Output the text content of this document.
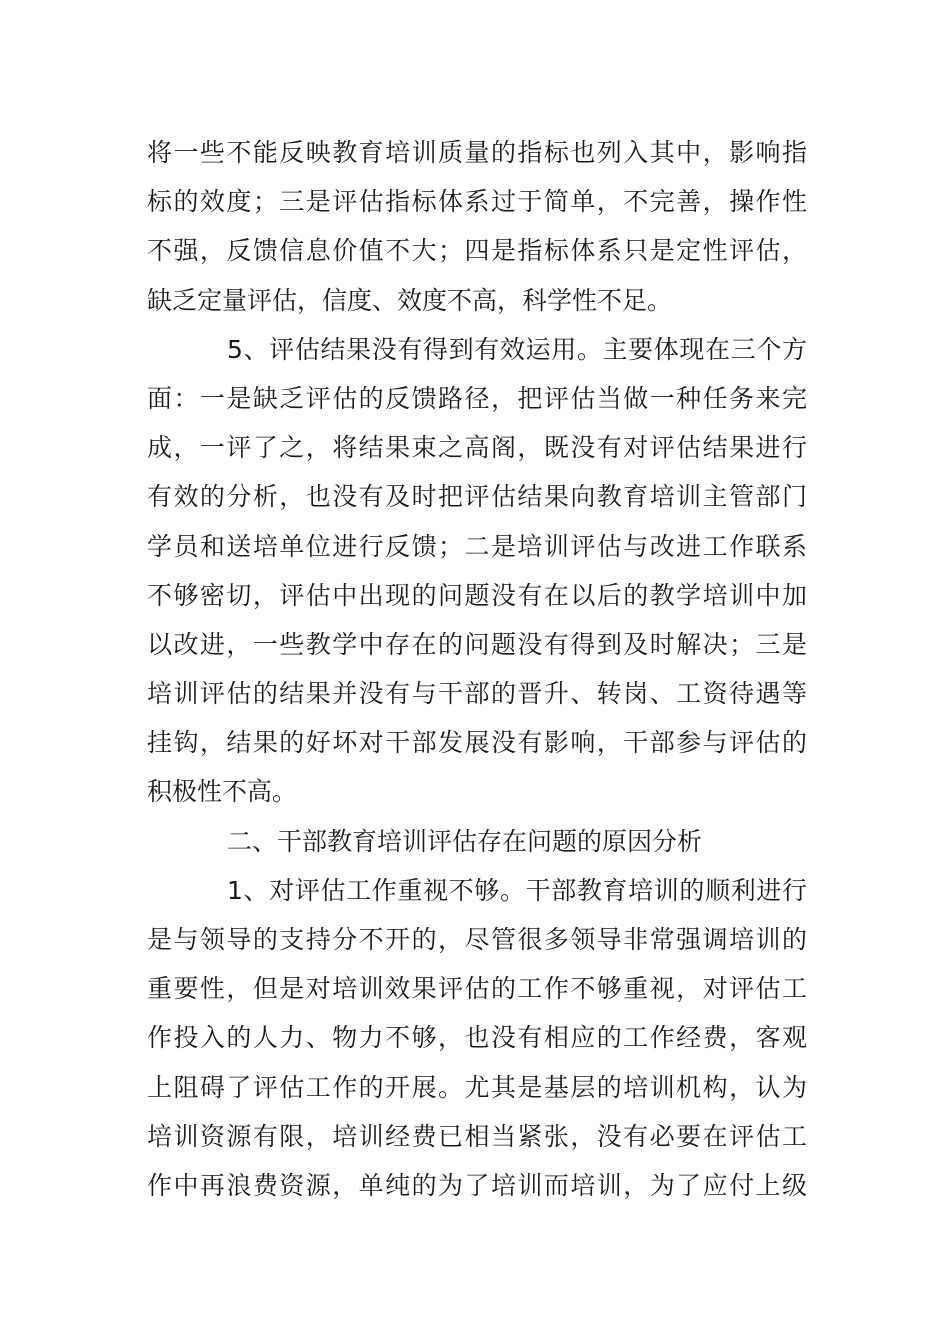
将一些不能反映教育培训质量的指标也列入其中，影响指
标的效度；三是评估指标体系过于简单，不完善，操作性
不强，反馈信息价值不大；四是指标体系只是定性评估，
缺乏定量评估，信度、效度不高，科学性不足。
5、评估结果没有得到有效运用。主要体现在三个方
面：一是缺乏评估的反馈路径，把评估当做一种任务来完
成，一评了之，将结果束之高阁，既没有对评估结果进行
有效的分析，也没有及时把评估结果向教育培训主管部门
学员和送培单位进行反馈；二是培训评估与改进工作联系
不够密切，评估中出现的问题没有在以后的教学培训中加
以改进，一些教学中存在的问题没有得到及时解决；三是
培训评估的结果并没有与干部的晋升、转岗、工资待遇等
挂钩，结果的好坏对干部发展没有影响，干部参与评估的
积极性不高。
二、干部教育培训评估存在问题的原因分析
1、对评估工作重视不够。干部教育培训的顺利进行
是与领导的支持分不开的，尽管很多领导非常强调培训的
重要性，但是对培训效果评估的工作不够重视，对评估工
作投入的人力、物力不够，也没有相应的工作经费，客观
上阻碍了评估工作的开展。尤其是基层的培训机构，认为
培训资源有限，培训经费已相当紧张，没有必要在评估工
作中再浪费资源，单纯的为了培训而培训，为了应付上级
